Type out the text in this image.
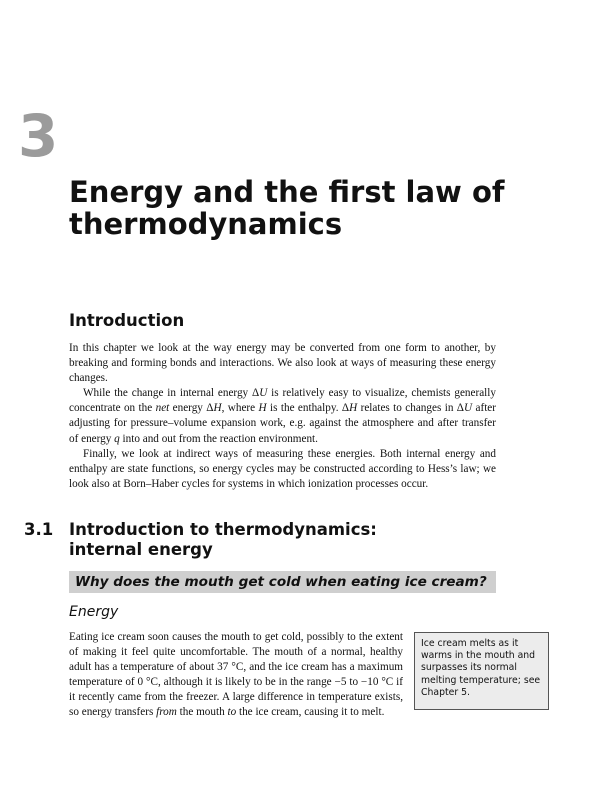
3
Energy and the first law of thermodynamics
Introduction

In this chapter we look at the way energy may be converted from one form to another, by breaking and forming bonds and interactions. We also look at ways of measuring these energy changes.

While the change in internal energy ΔU is relatively easy to visualize, chemists generally concentrate on the net energy ΔH, where H is the enthalpy. ΔH relates to changes in ΔU after adjusting for pressure–volume expansion work, e.g. against the atmosphere and after transfer of energy q into and out from the reaction environment.

Finally, we look at indirect ways of measuring these energies. Both internal energy and enthalpy are state functions, so energy cycles may be constructed according to Hess’s law; we look also at Born–Haber cycles for systems in which ionization processes occur.

3.1 Introduction to thermodynamics: internal energy
Why does the mouth get cold when eating ice cream?
Energy

Eating ice cream soon causes the mouth to get cold, possibly to the extent of making it feel quite uncomfortable. The mouth of a normal, healthy adult has a temperature of about 37 °C, and the ice cream has a maximum temperature of 0 °C, although it is likely to be in the range −5 to −10 °C if it recently came from the freezer. A large difference in temperature exists, so energy transfers from the mouth to the ice cream, causing it to melt.

Ice cream melts as it warms in the mouth and surpasses its normal melting temperature; see Chapter 5.
